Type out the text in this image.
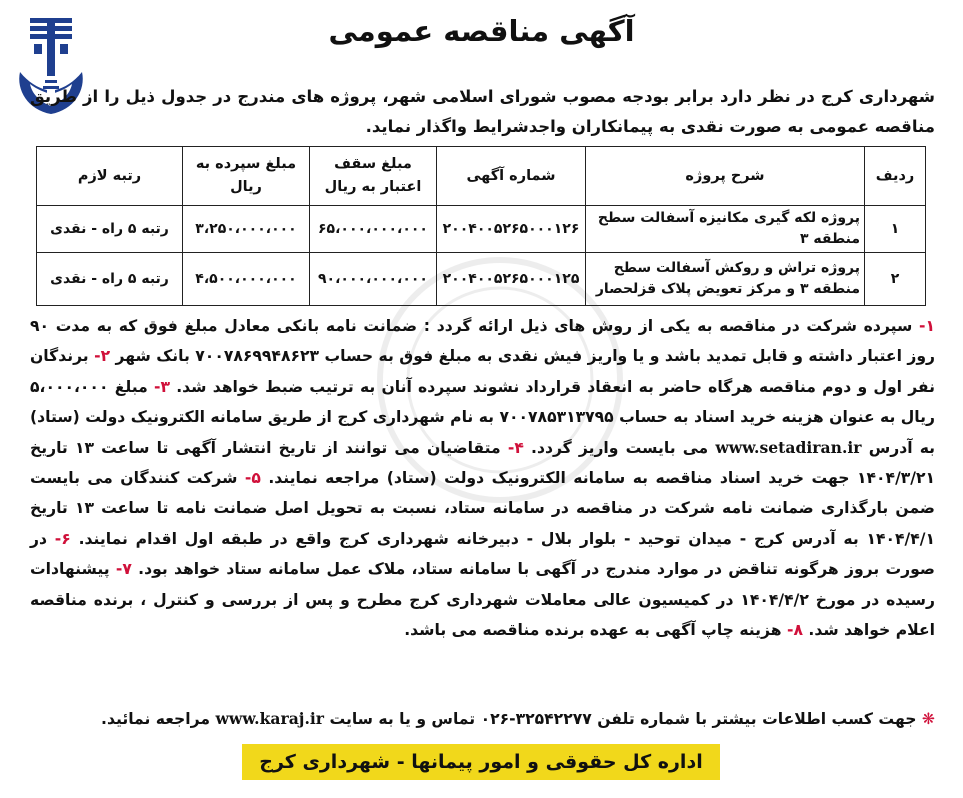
آگهی مناقصه عمومی
شهرداری کرج در نظر دارد برابر بودجه مصوب شورای اسلامی شهر، پروژه های مندرج در جدول ذیل را از طریق مناقصه عمومی به صورت نقدی به پیمانکاران واجدشرایط واگذار نماید.
ردیف	شرح پروژه	شماره آگهی	مبلغ سقف اعتبار به ریال	مبلغ سپرده به ریال	رتبه لازم
۱	پروژه لکه گیری مکانیزه آسفالت سطح منطقه ۳	۲۰۰۴۰۰۵۲۶۵۰۰۰۱۲۶	۶۵،۰۰۰،۰۰۰،۰۰۰	۳،۲۵۰،۰۰۰،۰۰۰	رتبه ۵ راه - نقدی
۲	پروژه تراش و روکش آسفالت سطح منطقه ۳ و مرکز تعویض پلاک قزلحصار	۲۰۰۴۰۰۵۲۶۵۰۰۰۱۲۵	۹۰،۰۰۰،۰۰۰،۰۰۰	۴،۵۰۰،۰۰۰،۰۰۰	رتبه ۵ راه - نقدی
۱- سپرده شرکت در مناقصه به یکی از روش های ذیل ارائه گردد : ضمانت نامه بانکی معادل مبلغ فوق که به مدت ۹۰ روز اعتبار داشته و قابل تمدید باشد و یا واریز فیش نقدی به مبلغ فوق به حساب ۷۰۰۷۸۶۹۹۴۸۶۲۳ بانک شهر ۲- برندگان نفر اول و دوم مناقصه هرگاه حاضر به انعقاد قرارداد نشوند سپرده آنان به ترتیب ضبط خواهد شد. ۳- مبلغ ۵،۰۰۰،۰۰۰ ریال به عنوان هزینه خرید اسناد به حساب ۷۰۰۷۸۵۳۱۳۷۹۵ به نام شهرداری کرج از طریق سامانه الکترونیک دولت (ستاد) به آدرس www.setadiran.ir می بایست واریز گردد. ۴- متقاضیان می توانند از تاریخ انتشار آگهی تا ساعت ۱۳ تاریخ ۱۴۰۴/۳/۲۱ جهت خرید اسناد مناقصه به سامانه الکترونیک دولت (ستاد) مراجعه نمایند. ۵- شرکت کنندگان می بایست ضمن بارگذاری ضمانت نامه شرکت در مناقصه در سامانه ستاد، نسبت به تحویل اصل ضمانت نامه تا ساعت ۱۳ تاریخ ۱۴۰۴/۴/۱ به آدرس کرج - میدان توحید - بلوار بلال - دبیرخانه شهرداری کرج واقع در طبقه اول اقدام نمایند. ۶- در صورت بروز هرگونه تناقض در موارد مندرج در آگهی با سامانه ستاد، ملاک عمل سامانه ستاد خواهد بود. ۷- پیشنهادات رسیده در مورخ ۱۴۰۴/۴/۲ در کمیسیون عالی معاملات شهرداری کرج مطرح و پس از بررسی و کنترل ، برنده مناقصه اعلام خواهد شد. ۸- هزینه چاپ آگهی به عهده برنده مناقصه می باشد.
❋ جهت کسب اطلاعات بیشتر با شماره تلفن ۳۲۵۴۲۲۷۷-۰۲۶ تماس و یا به سایت www.karaj.ir مراجعه نمائید.
اداره کل حقوقی و امور پیمانها - شهرداری کرج
